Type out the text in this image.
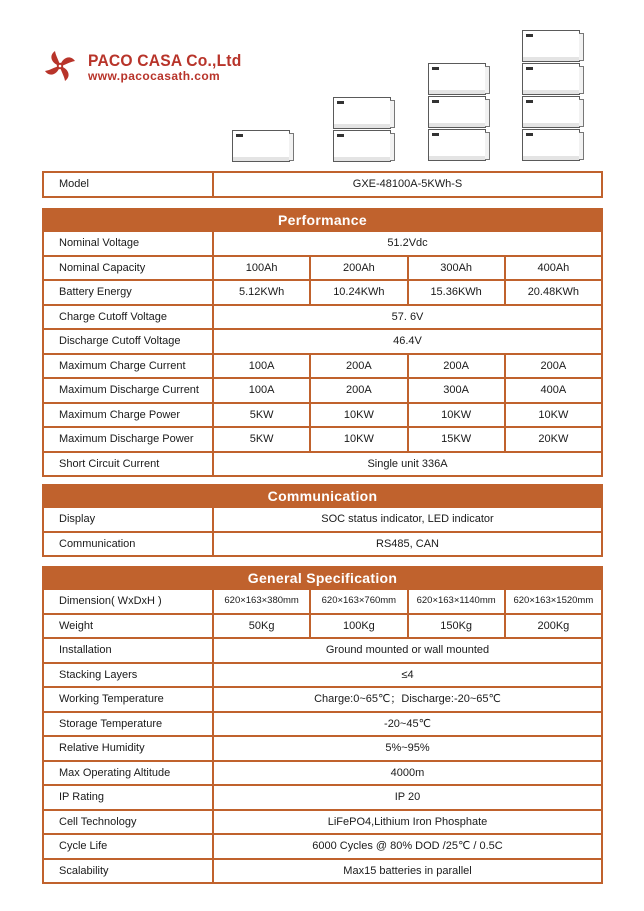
PACO CASA Co.,Ltd
www.pacocasath.com
Model	GXE-48100A-5KWh-S
Performance
Nominal Voltage	51.2Vdc
Nominal Capacity	100Ah	200Ah	300Ah	400Ah
Battery Energy	5.12KWh	10.24KWh	15.36KWh	20.48KWh
Charge Cutoff Voltage	57. 6V
Discharge Cutoff Voltage	46.4V
Maximum Charge Current	100A	200A	200A	200A
Maximum Discharge Current	100A	200A	300A	400A
Maximum Charge Power	5KW	10KW	10KW	10KW
Maximum Discharge Power	5KW	10KW	15KW	20KW
Short Circuit Current	Single unit 336A
Communication
Display	SOC status indicator, LED indicator
Communication	RS485, CAN
General Specification
Dimension( WxDxH )	620×163×380mm	620×163×760mm	620×163×1140mm	620×163×1520mm
Weight	50Kg	100Kg	150Kg	200Kg
Installation	Ground mounted or wall mounted
Stacking Layers	≤4
Working Temperature	Charge:0~65℃；Discharge:-20~65℃
Storage Temperature	-20~45℃
Relative Humidity	5%~95%
Max Operating Altitude	4000m
IP Rating	IP 20
Cell Technology	LiFePO4,Lithium Iron Phosphate
Cycle Life	6000 Cycles @ 80% DOD /25℃ / 0.5C
Scalability	Max15 batteries in parallel
